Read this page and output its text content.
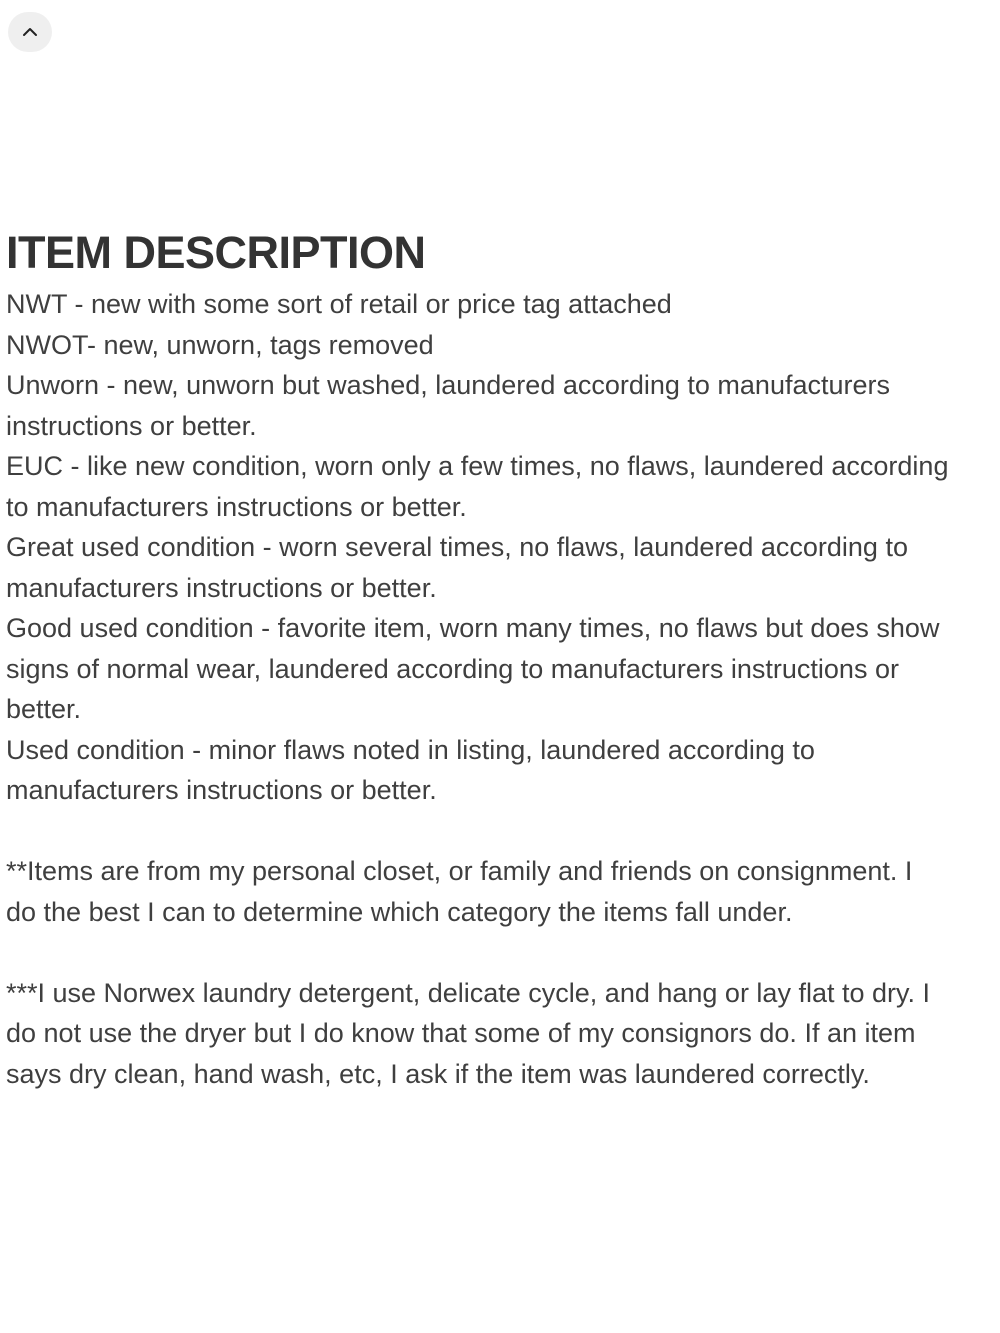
ITEM DESCRIPTION
NWT - new with some sort of retail or price tag attached
NWOT- new, unworn, tags removed
Unworn - new, unworn but washed, laundered according to manufacturers
instructions or better.
EUC - like new condition, worn only a few times, no flaws, laundered according
to manufacturers instructions or better.
Great used condition - worn several times, no flaws, laundered according to
manufacturers instructions or better.
Good used condition - favorite item, worn many times, no flaws but does show
signs of normal wear, laundered according to manufacturers instructions or
better.
Used condition - minor flaws noted in listing, laundered according to
manufacturers instructions or better.
**Items are from my personal closet, or family and friends on consignment. I
do the best I can to determine which category the items fall under.
***I use Norwex laundry detergent, delicate cycle, and hang or lay flat to dry. I
do not use the dryer but I do know that some of my consignors do. If an item
says dry clean, hand wash, etc, I ask if the item was laundered correctly.
